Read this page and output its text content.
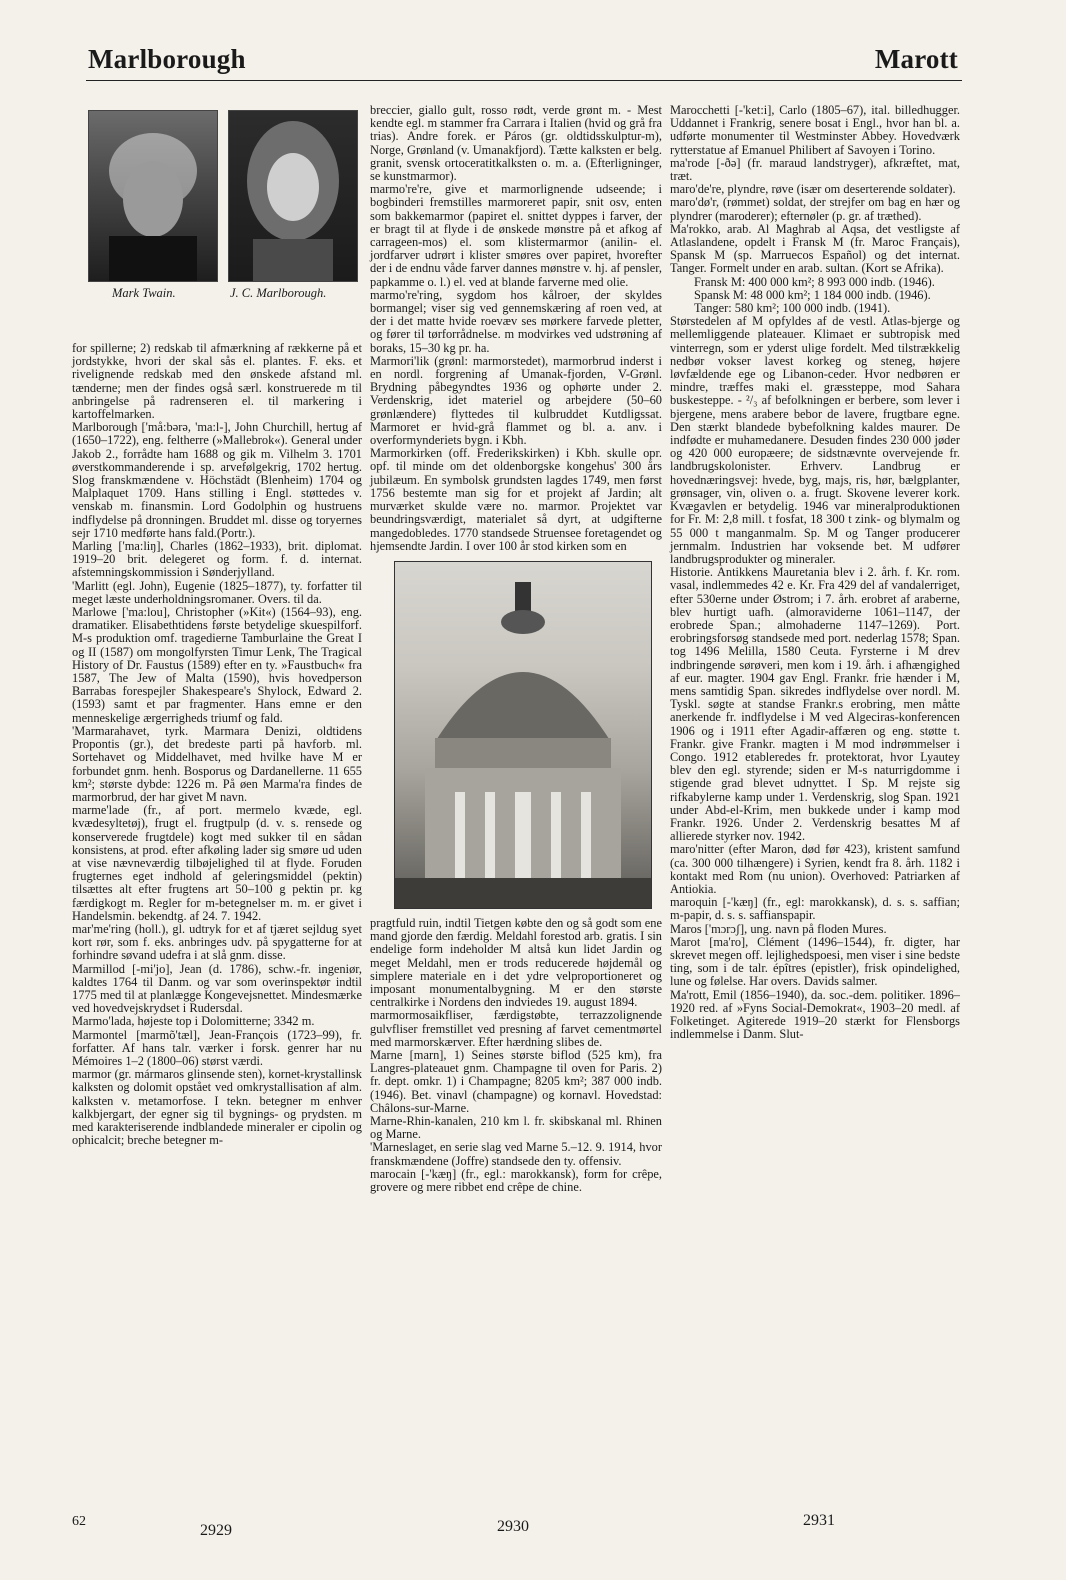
Marlborough	Marott
Mark Twain.	J. C. Marlborough.

for spillerne; 2) redskab til afmærkning af rækkerne på et jordstykke, hvori der skal sås el. plantes. F. eks. et rivelignende redskab med den ønskede afstand ml. tænderne; men der findes også særl. konstruerede m til anbringelse på radrenseren el. til markering i kartoffelmarken.

Marlborough ['må:bərə, 'ma:l-], John Churchill, hertug af (1650–1722), eng. feltherre (»Mallebrok«). General under Jakob 2., forrådte ham 1688 og gik m. Vilhelm 3. 1701 øverstkommanderende i sp. arvefølgekrig, 1702 hertug. Slog franskmændene v. Höchstädt (Blenheim) 1704 og Malplaquet 1709. Hans stilling i Engl. støttedes v. venskab m. finansmin. Lord Godolphin og hustruens indflydelse på dronningen. Bruddet ml. disse og toryernes sejr 1710 medførte hans fald.(Portr.).

Marling ['ma:liŋ], Charles (1862–1933), brit. diplomat. 1919–20 brit. delegeret og form. f. d. internat. afstemningskommission i Sønderjylland.

'Marlitt (egl. John), Eugenie (1825–1877), ty. forfatter til meget læste underholdningsromaner. Overs. til da.

Marlowe ['ma:lou], Christopher (»Kit«) (1564–93), eng. dramatiker. Elisabethtidens første betydelige skuespilforf. M-s produktion omf. tragedierne Tamburlaine the Great I og II (1587) om mongolfyrsten Timur Lenk, The Tragical History of Dr. Faustus (1589) efter en ty. »Faustbuch« fra 1587, The Jew of Malta (1590), hvis hovedperson Barrabas forespejler Shakespeare's Shylock, Edward 2. (1593) samt et par fragmenter. Hans emne er den menneskelige ærgerrigheds triumf og fald.

'Marmarahavet, tyrk. Marmara Denizi, oldtidens Propontis (gr.), det bredeste parti på havforb. ml. Sortehavet og Middelhavet, med hvilke have M er forbundet gnm. henh. Bosporus og Dardanellerne. 11 655 km²; største dybde: 1226 m. På øen Marma'ra findes de marmorbrud, der har givet M navn.

marme'lade (fr., af port. mermelo kvæde, egl. kvædesyltetøj), frugt el. frugtpulp (d. v. s. rensede og konserverede frugtdele) kogt med sukker til en sådan konsistens, at prod. efter afkøling lader sig smøre ud uden at vise nævneværdig tilbøjelighed til at flyde. Foruden frugternes eget indhold af geleringsmiddel (pektin) tilsættes alt efter frugtens art 50–100 g pektin pr. kg færdigkogt m. Regler for m-betegnelser m. m. er givet i Handelsmin. bekendtg. af 24. 7. 1942.

mar'me'ring (holl.), gl. udtryk for et af tjæret sejldug syet kort rør, som f. eks. anbringes udv. på spygatterne for at forhindre søvand udefra i at slå gnm. disse.

Marmillod [-mi'jo], Jean (d. 1786), schw.-fr. ingeniør, kaldtes 1764 til Danm. og var som overinspektør indtil 1775 med til at planlægge Kongevejsnettet. Mindesmærke ved hovedvejskrydset i Rudersdal.

Marmo'lada, højeste top i Dolomitterne; 3342 m.

Marmontel [marmõ'tæl], Jean-François (1723–99), fr. forfatter. Af hans talr. værker i forsk. genrer har nu Mémoires 1–2 (1800–06) størst værdi.

marmor (gr. mármaros glinsende sten), kornet-krystallinsk kalksten og dolomit opstået ved omkrystallisation af alm. kalksten v. metamorfose. I tekn. betegner m enhver kalkbjergart, der egner sig til bygnings- og prydsten. m med karakteriserende indblandede mineraler er cipolin og ophicalcit; breche betegner m-

breccier, giallo gult, rosso rødt, verde grønt m. - Mest kendte egl. m stammer fra Carrara i Italien (hvid og grå fra trias). Andre forek. er Páros (gr. oldtidsskulptur-m), Norge, Grønland (v. Umanakfjord). Tætte kalksten er belg. granit, svensk ortoceratitkalksten o. m. a. (Efterligninger, se kunstmarmor).

marmo're're, give et marmorlignende udseende; i bogbinderi fremstilles marmoreret papir, snit osv, enten som bakkemarmor (papiret el. snittet dyppes i farver, der er bragt til at flyde i de ønskede mønstre på et afkog af carrageen-mos) el. som klistermarmor (anilin- el. jordfarver udrørt i klister smøres over papiret, hvorefter der i de endnu våde farver dannes mønstre v. hj. af pensler, papkamme o. l.) el. ved at blande farverne med olie.

marmo're'ring, sygdom hos kålroer, der skyldes bormangel; viser sig ved gennemskæring af roen ved, at der i det matte hvide roevæv ses mørkere farvede pletter, og fører til tørforrådnelse. m modvirkes ved udstrøning af boraks, 15–30 kg pr. ha.

Marmori'lik (grønl: marmorstedet), marmorbrud inderst i en nordl. forgrening af Umanak-fjorden, V-Grønl. Brydning påbegyndtes 1936 og ophørte under 2. Verdenskrig, idet materiel og arbejdere (50–60 grønlændere) flyttedes til kulbruddet Kutdligssat. Marmoret er hvid-grå flammet og bl. a. anv. i overformynderiets bygn. i Kbh.

Marmorkirken (off. Frederikskirken) i Kbh. skulle opr. opf. til minde om det oldenborgske kongehus' 300 års jubilæum. En symbolsk grundsten lagdes 1749, men først 1756 bestemte man sig for et projekt af Jardin; alt murværket skulde være no. marmor. Projektet var beundringsværdigt, materialet så dyrt, at udgifterne mangedobledes. 1770 standsede Struensee foretagendet og hjemsendte Jardin. I over 100 år stod kirken som en

pragtfuld ruin, indtil Tietgen købte den og så godt som ene mand gjorde den færdig. Meldahl forestod arb. gratis. I sin endelige form indeholder M altså kun lidet Jardin og meget Meldahl, men er trods reducerede højdemål og simplere materiale en i det ydre velproportioneret og imposant monumentalbygning. M er den største centralkirke i Nordens den indviedes 19. august 1894.

marmormosaikfliser, færdigstøbte, terrazzolignende gulvfliser fremstillet ved presning af farvet cementmørtel med marmorskærver. Efter hærdning slibes de.

Marne [marn], 1) Seines største biflod (525 km), fra Langres-plateauet gnm. Champagne til oven for Paris. 2) fr. dept. omkr. 1) i Champagne; 8205 km²; 387 000 indb. (1946). Bet. vinavl (champagne) og kornavl. Hovedstad: Châlons-sur-Marne.

Marne-Rhin-kanalen, 210 km l. fr. skibskanal ml. Rhinen og Marne.

'Marneslaget, en serie slag ved Marne 5.–12. 9. 1914, hvor franskmændene (Joffre) standsede den ty. offensiv.

marocain [-'kæŋ] (fr., egl.: marokkansk), form for crêpe, grovere og mere ribbet end crêpe de chine.

Marocchetti [-'ket:i], Carlo (1805–67), ital. billedhugger. Uddannet i Frankrig, senere bosat i Engl., hvor han bl. a. udførte monumenter til Westminster Abbey. Hovedværk rytterstatue af Emanuel Philibert af Savoyen i Torino.

ma'rode [-ðə] (fr. maraud landstryger), afkræftet, mat, træt.

maro'de're, plyndre, røve (især om deserterende soldater).

maro'dø'r, (rømmet) soldat, der strejfer om bag en hær og plyndrer (maroderer); efternøler (p. gr. af træthed).

Ma'rokko, arab. Al Maghrab al Aqsa, det vestligste af Atlaslandene, opdelt i Fransk M (fr. Maroc Français), Spansk M (sp. Marruecos Español) og det internat. Tanger. Formelt under en arab. sultan. (Kort se Afrika).

Fransk M: 400 000 km²; 8 993 000 indb. (1946).

Spansk M: 48 000 km²; 1 184 000 indb. (1946).

Tanger: 580 km²; 100 000 indb. (1941).

Størstedelen af M opfyldes af de vestl. Atlas-bjerge og mellemliggende plateauer. Klimaet er subtropisk med vinterregn, som er yderst ulige fordelt. Med tilstrækkelig nedbør vokser lavest korkeg og steneg, højere løvfældende ege og Libanon-ceder. Hvor nedbøren er mindre, træffes maki el. græssteppe, mod Sahara buskesteppe. - ²/₃ af befolkningen er berbere, som lever i bjergene, mens arabere bebor de lavere, frugtbare egne. Den stærkt blandede bybefolkning kaldes maurer. De indfødte er muhamedanere. Desuden findes 230 000 jøder og 420 000 europæere; de sidstnævnte overvejende fr. landbrugskolonister. Erhverv. Landbrug er hovednæringsvej: hvede, byg, majs, ris, hør, bælgplanter, grønsager, vin, oliven o. a. frugt. Skovene leverer kork. Kvægavlen er betydelig. 1946 var mineralproduktionen for Fr. M: 2,8 mill. t fosfat, 18 300 t zink- og blymalm og 55 000 t manganmalm. Sp. M og Tanger producerer jernmalm. Industrien har voksende bet. M udfører landbrugsprodukter og mineraler.

Historie. Antikkens Mauretania blev i 2. årh. f. Kr. rom. vasal, indlemmedes 42 e. Kr. Fra 429 del af vandalerriget, efter 530erne under Østrom; i 7. årh. erobret af araberne, blev hurtigt uafh. (almoraviderne 1061–1147, der erobrede Span.; almohaderne 1147–1269). Port. erobringsforsøg standsede med port. nederlag 1578; Span. tog 1496 Melilla, 1580 Ceuta. Fyrsterne i M drev indbringende sørøveri, men kom i 19. årh. i afhængighed af eur. magter. 1904 gav Engl. Frankr. frie hænder i M, mens samtidig Span. sikredes indflydelse over nordl. M. Tyskl. søgte at standse Frankr.s erobring, men måtte anerkende fr. indflydelse i M ved Algeciras-konferencen 1906 og i 1911 efter Agadir-affæren og eng. støtte t. Frankr. give Frankr. magten i M mod indrømmelser i Congo. 1912 etableredes fr. protektorat, hvor Lyautey blev den egl. styrende; siden er M-s naturrigdomme i stigende grad blevet udnyttet. I Sp. M rejste sig rifkabylerne kamp under 1. Verdenskrig, slog Span. 1921 under Abd-el-Krim, men bukkede under i kamp mod Frankr. 1926. Under 2. Verdenskrig besattes M af allierede styrker nov. 1942.

maro'nitter (efter Maron, død før 423), kristent samfund (ca. 300 000 tilhængere) i Syrien, kendt fra 8. årh. 1182 i kontakt med Rom (nu union). Overhoved: Patriarken af Antiokia.

maroquin [-'kæŋ] (fr., egl: marokkansk), d. s. s. saffian; m-papir, d. s. s. saffianspapir.

Maros ['mɔrɔʃ], ung. navn på floden Mures.

Marot [ma'ro], Clément (1496–1544), fr. digter, har skrevet megen off. lejlighedspoesi, men viser i sine bedste ting, som i de talr. épîtres (epistler), frisk opindelighed, lune og følelse. Har overs. Davids salmer.

Ma'rott, Emil (1856–1940), da. soc.-dem. politiker. 1896–1920 red. af »Fyns Social-Demokrat«, 1903–20 medl. af Folketinget. Agiterede 1919–20 stærkt for Flensborgs indlemmelse i Danm. Slut-

62
2929	2930	2931
